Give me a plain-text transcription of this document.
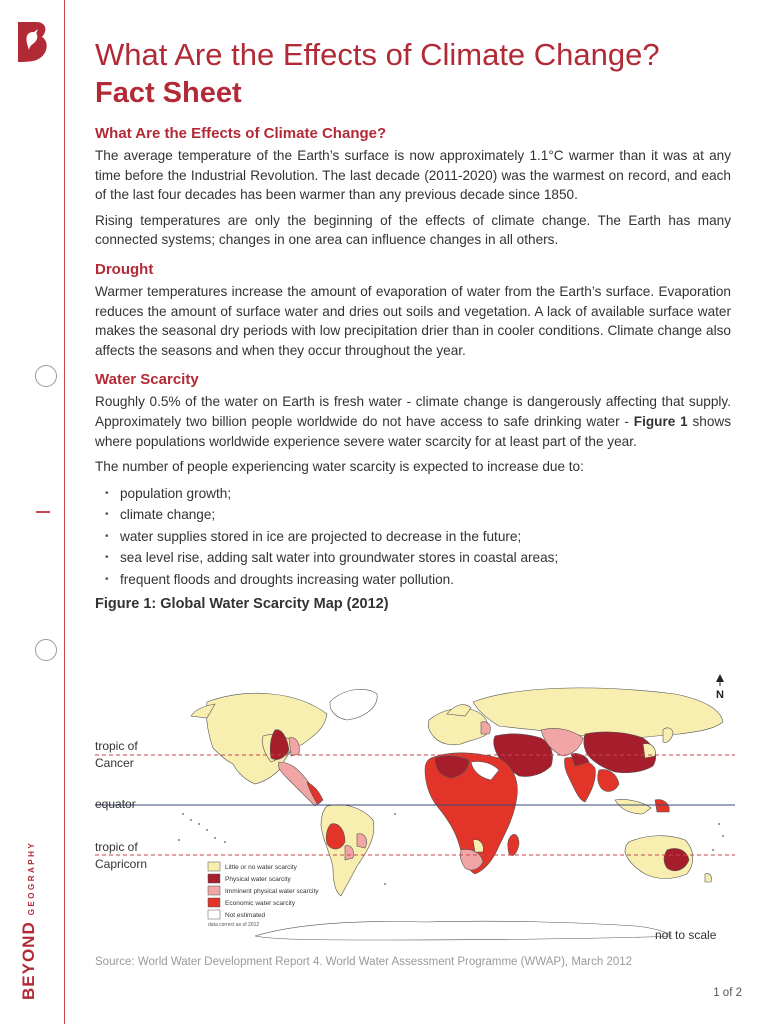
BEYONDGEOGRAPHY
What Are the Effects of Climate Change?
Fact Sheet
What Are the Effects of Climate Change?

The average temperature of the Earth’s surface is now approximately 1.1°C warmer than it was at any time before the Industrial Revolution. The last decade (2011-2020) was the warmest on record, and each of the last four decades has been warmer than any previous decade since 1850.

Rising temperatures are only the beginning of the effects of climate change. The Earth has many connected systems; changes in one area can influence changes in all others.

Drought

Warmer temperatures increase the amount of evaporation of water from the Earth’s surface. Evaporation reduces the amount of surface water and dries out soils and vegetation. A lack of available surface water makes the seasonal dry periods with low precipitation drier than in cooler conditions. Climate change also affects the seasons and when they occur throughout the year.

Water Scarcity

Roughly 0.5% of the water on Earth is fresh water - climate change is dangerously affecting that supply. Approximately two billion people worldwide do not have access to safe drinking water - Figure 1 shows where populations worldwide experience severe water scarcity for at least part of the year.

The number of people experiencing water scarcity is expected to increase due to:

• population growth;
• climate change;
• water supplies stored in ice are projected to decrease in the future;
• sea level rise, adding salt water into groundwater stores in coastal areas;
• frequent floods and droughts increasing water pollution.
Figure 1: Global Water Scarcity Map (2012)
N
Little or no water scarcity
Physical water scarcity
Imminent physical water scarcity
Economic water scarcity
Not estimated
data correct as of 2012
tropic of
Cancer
equator
tropic of
Capricorn
not to scale
Source: World Water Development Report 4. World Water Assessment Programme (WWAP), March 2012
1 of 2
